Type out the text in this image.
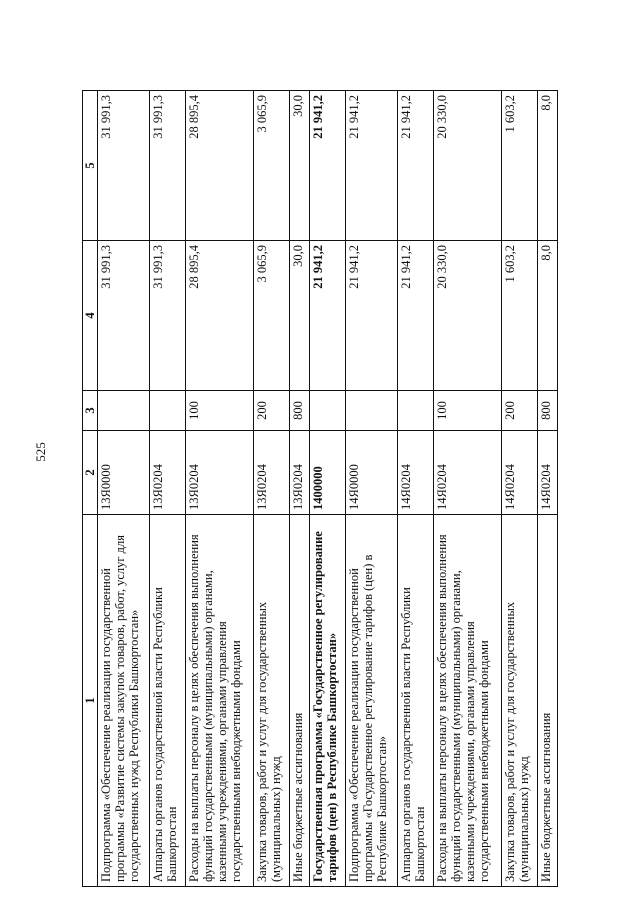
525
1	2	3	4	5
Подпрограмма «Обеспечение реализации государственной программы «Развитие системы закупок товаров, работ, услуг для государственных нужд Республики Башкортостан»	13Я0000		31 991,3	31 991,3
Аппараты органов государственной власти Республики Башкортостан	13Я0204		31 991,3	31 991,3
Расходы на выплаты персоналу в целях обеспечения выполнения функций государственными (муниципальными) органами, казенными учреждениями, органами управления государственными внебюджетными фондами	13Я0204	100	28 895,4	28 895,4
Закупка товаров, работ и услуг для государственных (муниципальных) нужд	13Я0204	200	3 065,9	3 065,9
Иные бюджетные ассигнования	13Я0204	800	30,0	30,0
Государственная программа «Государственное регулирование тарифов (цен) в Республике Башкортостан»	1400000		21 941,2	21 941,2
Подпрограмма «Обеспечение реализации государственной программы «Государственное регулирование тарифов (цен) в Республике Башкортостан»	14Я0000		21 941,2	21 941,2
Аппараты органов государственной власти Республики Башкортостан	14Я0204		21 941,2	21 941,2
Расходы на выплаты персоналу в целях обеспечения выполнения функций государственными (муниципальными) органами, казенными учреждениями, органами управления государственными внебюджетными фондами	14Я0204	100	20 330,0	20 330,0
Закупка товаров, работ и услуг для государственных (муниципальных) нужд	14Я0204	200	1 603,2	1 603,2
Иные бюджетные ассигнования	14Я0204	800	8,0	8,0
